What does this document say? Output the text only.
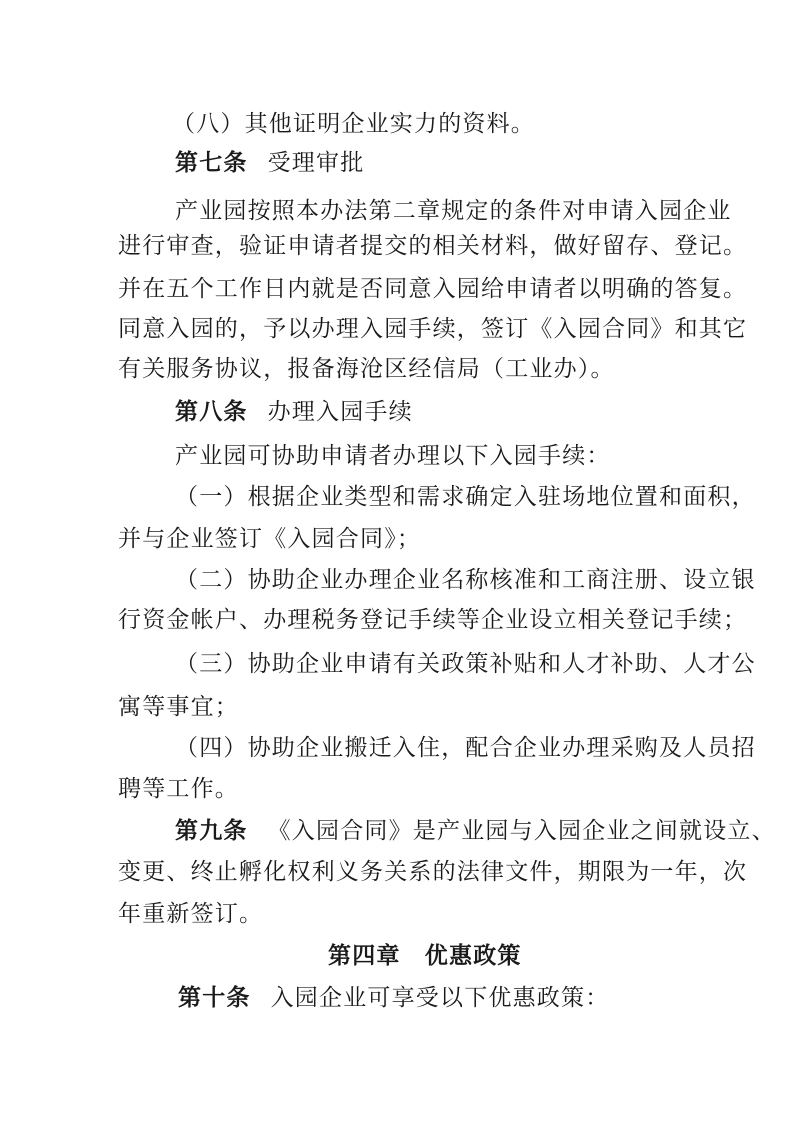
（八）其他证明企业实力的资料。
第七条 受理审批
产业园按照本办法第二章规定的条件对申请入园企业
进行审查，验证申请者提交的相关材料，做好留存、登记。
并在五个工作日内就是否同意入园给申请者以明确的答复。
同意入园的，予以办理入园手续，签订《入园合同》和其它
有关服务协议，报备海沧区经信局（工业办）。
第八条 办理入园手续
产业园可协助申请者办理以下入园手续：
（一）根据企业类型和需求确定入驻场地位置和面积，
并与企业签订《入园合同》；
（二）协助企业办理企业名称核准和工商注册、设立银
行资金帐户、办理税务登记手续等企业设立相关登记手续；
（三）协助企业申请有关政策补贴和人才补助、人才公
寓等事宜；
（四）协助企业搬迁入住，配合企业办理采购及人员招
聘等工作。
第九条 《入园合同》是产业园与入园企业之间就设立、
变更、终止孵化权利义务关系的法律文件，期限为一年，次
年重新签订。
第四章　优惠政策
第十条 入园企业可享受以下优惠政策：
